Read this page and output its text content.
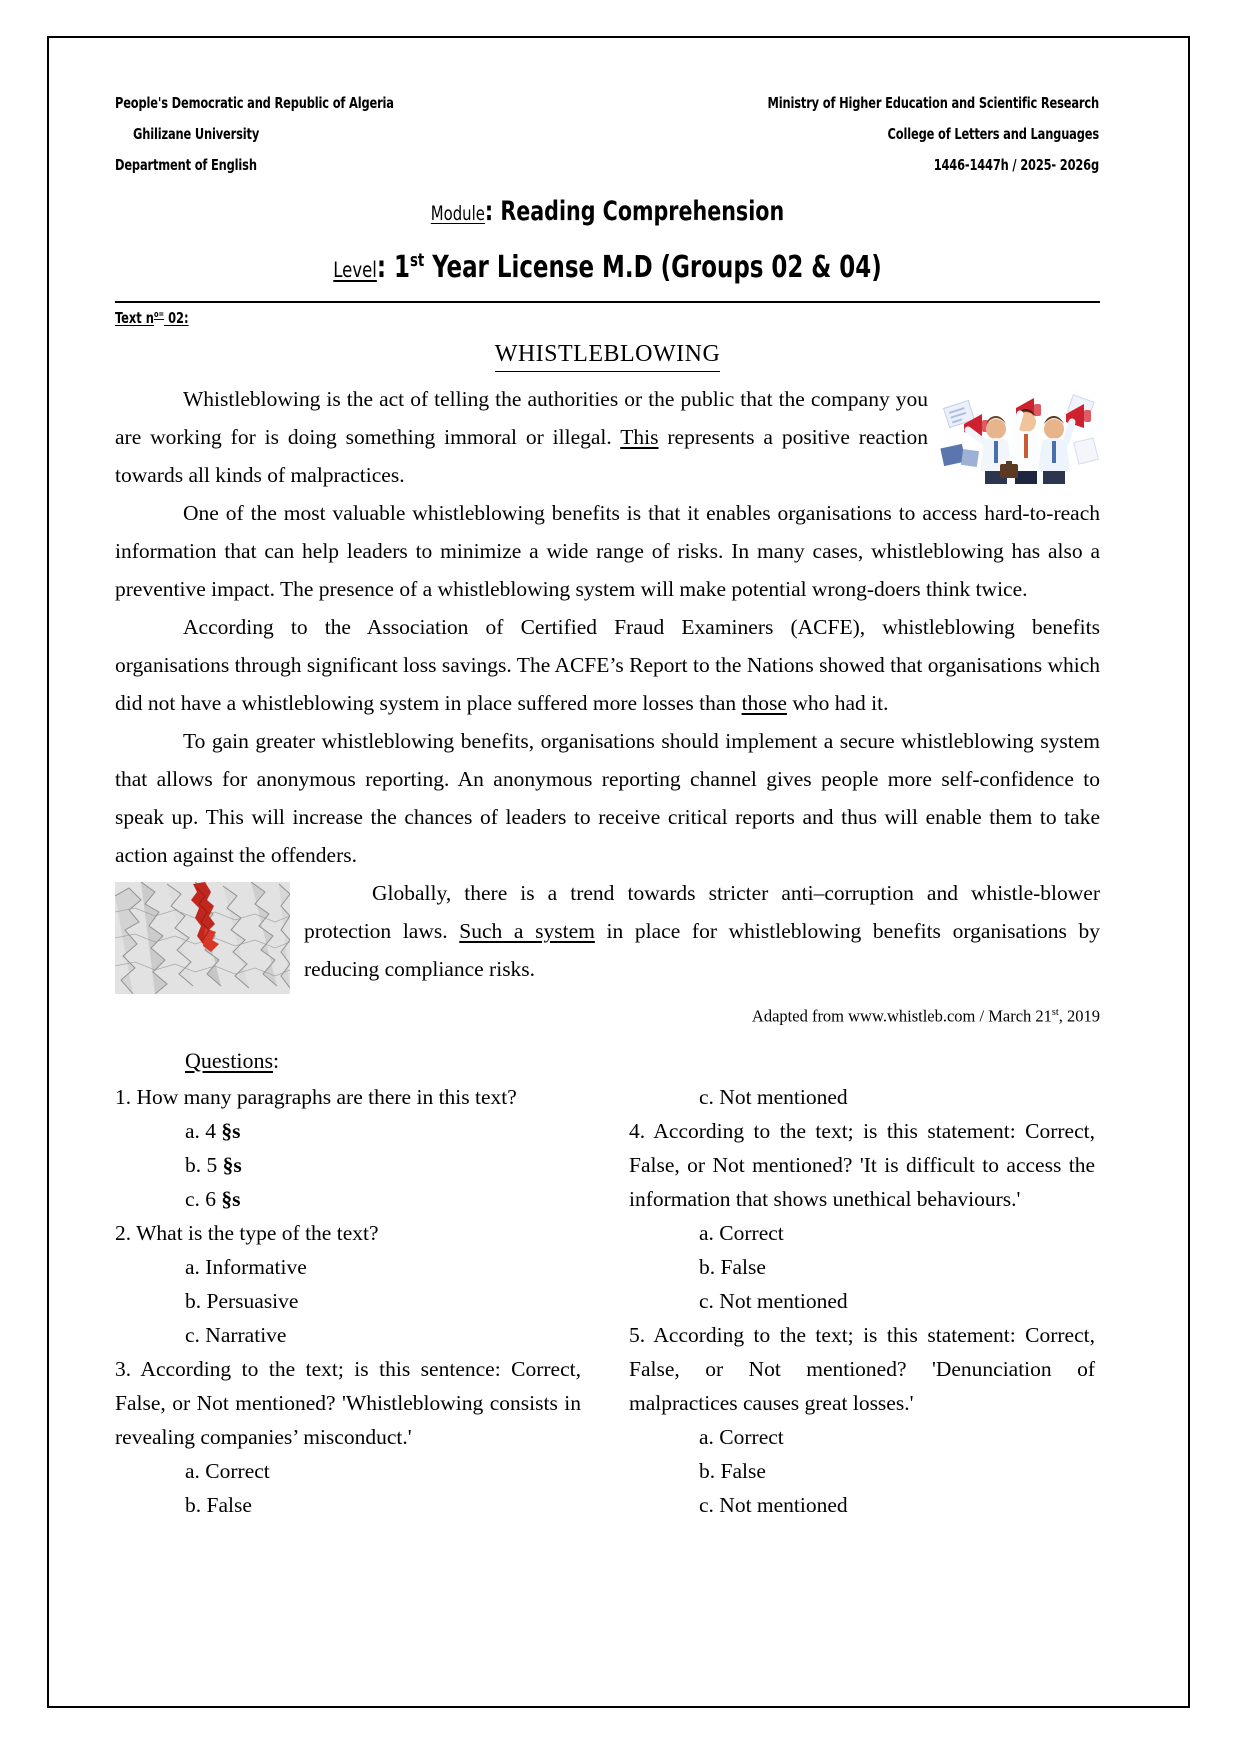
People's Democratic and Republic of Algeria	Ministry of Higher Education and Scientific Research
Ghilizane University	College of Letters and Languages
Department of English	1446-1447h / 2025- 2026g
Module: Reading Comprehension
Level: 1st Year License M.D (Groups 02 & 04)
Text $n^{o=}$ 02:
WHISTLEBLOWING

Whistleblowing is the act of telling the authorities or the public that the company you are working for is doing something immoral or illegal. This represents a positive reaction towards all kinds of malpractices.

One of the most valuable whistleblowing benefits is that it enables organisations to access hard-to-reach information that can help leaders to minimize a wide range of risks. In many cases, whistleblowing has also a preventive impact. The presence of a whistleblowing system will make potential wrong-doers think twice.

According to the Association of Certified Fraud Examiners (ACFE), whistleblowing benefits organisations through significant loss savings. The ACFE’s Report to the Nations showed that organisations which did not have a whistleblowing system in place suffered more losses than those who had it.

To gain greater whistleblowing benefits, organisations should implement a secure whistleblowing system that allows for anonymous reporting. An anonymous reporting channel gives people more self-confidence to speak up. This will increase the chances of leaders to receive critical reports and thus will enable them to take action against the offenders.

Globally, there is a trend towards stricter anti–corruption and whistle-blower protection laws. Such a system in place for whistleblowing benefits organisations by reducing compliance risks.

Adapted from www.whistleb.com / March 21st, 2019
Questions:

1. How many paragraphs are there in this text?

a. 4 §s
b. 5 §s
c. 6 §s

2. What is the type of the text?

a. Informative
b. Persuasive
c. Narrative

3. According to the text; is this sentence: Correct, False, or Not mentioned? 'Whistleblowing consists in revealing companies’ misconduct.'

a. Correct
b. False
c. Not mentioned

4. According to the text; is this statement: Correct, False, or Not mentioned? 'It is difficult to access the information that shows unethical behaviours.'

a. Correct
b. False
c. Not mentioned

5. According to the text; is this statement: Correct, False, or Not mentioned? 'Denunciation of malpractices causes great losses.'

a. Correct
b. False
c. Not mentioned
